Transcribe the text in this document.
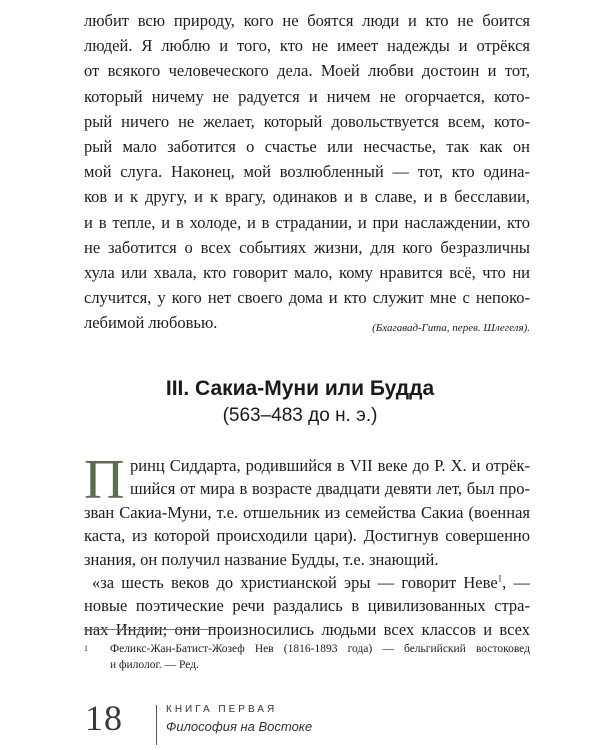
любит всю природу, кого не боятся люди и кто не боится
людей. Я люблю и того, кто не имеет надежды и отрёкся
от всякого человеческого дела. Моей любви достоин и тот,
который ничему не радуется и ничем не огорчается, кото-
рый ничего не желает, который довольствуется всем, кото-
рый мало заботится о счастье или несчастье, так как он
мой слуга. Наконец, мой возлюбленный — тот, кто одина-
ков и к другу, и к врагу, одинаков и в славе, и в бесславии,
и в тепле, и в холоде, и в страдании, и при наслаждении, кто
не заботится о всех событиях жизни, для кого безразличны
хула или хвала, кто говорит мало, кому нравится всё, что ни
случится, у кого нет своего дома и кто служит мне с непоко-
лебимой любовью.	(Бхагавад-Гита, перев. Шлегеля).

III. Сакиа-Муни или Будда
(563–483 до н. э.)
П ринц Сиддарта, родившийся в VII веке до Р. Х. и отрёк-
шийся от мира в возрасте двадцати девяти лет, был про-
зван Сакиа-Муни, т.е. отшельник из семейства Сакиа (военная
каста, из которой происходили цари). Достигнув совершенно
знания, он получил название Будды, т.е. знающий.
«за шесть веков до христианской эры — говорит Неве$^1$, —
новые поэтические речи раздались в цивилизованных стра-
нах Индии; они произносились людьми всех классов и всех
1 Феликс-Жан-Батист-Жозеф Нев (1816-1893 года) — бельгийский востоковед
и филолог. — Ред.
18	КНИГА ПЕРВАЯ
Философия на Востоке
